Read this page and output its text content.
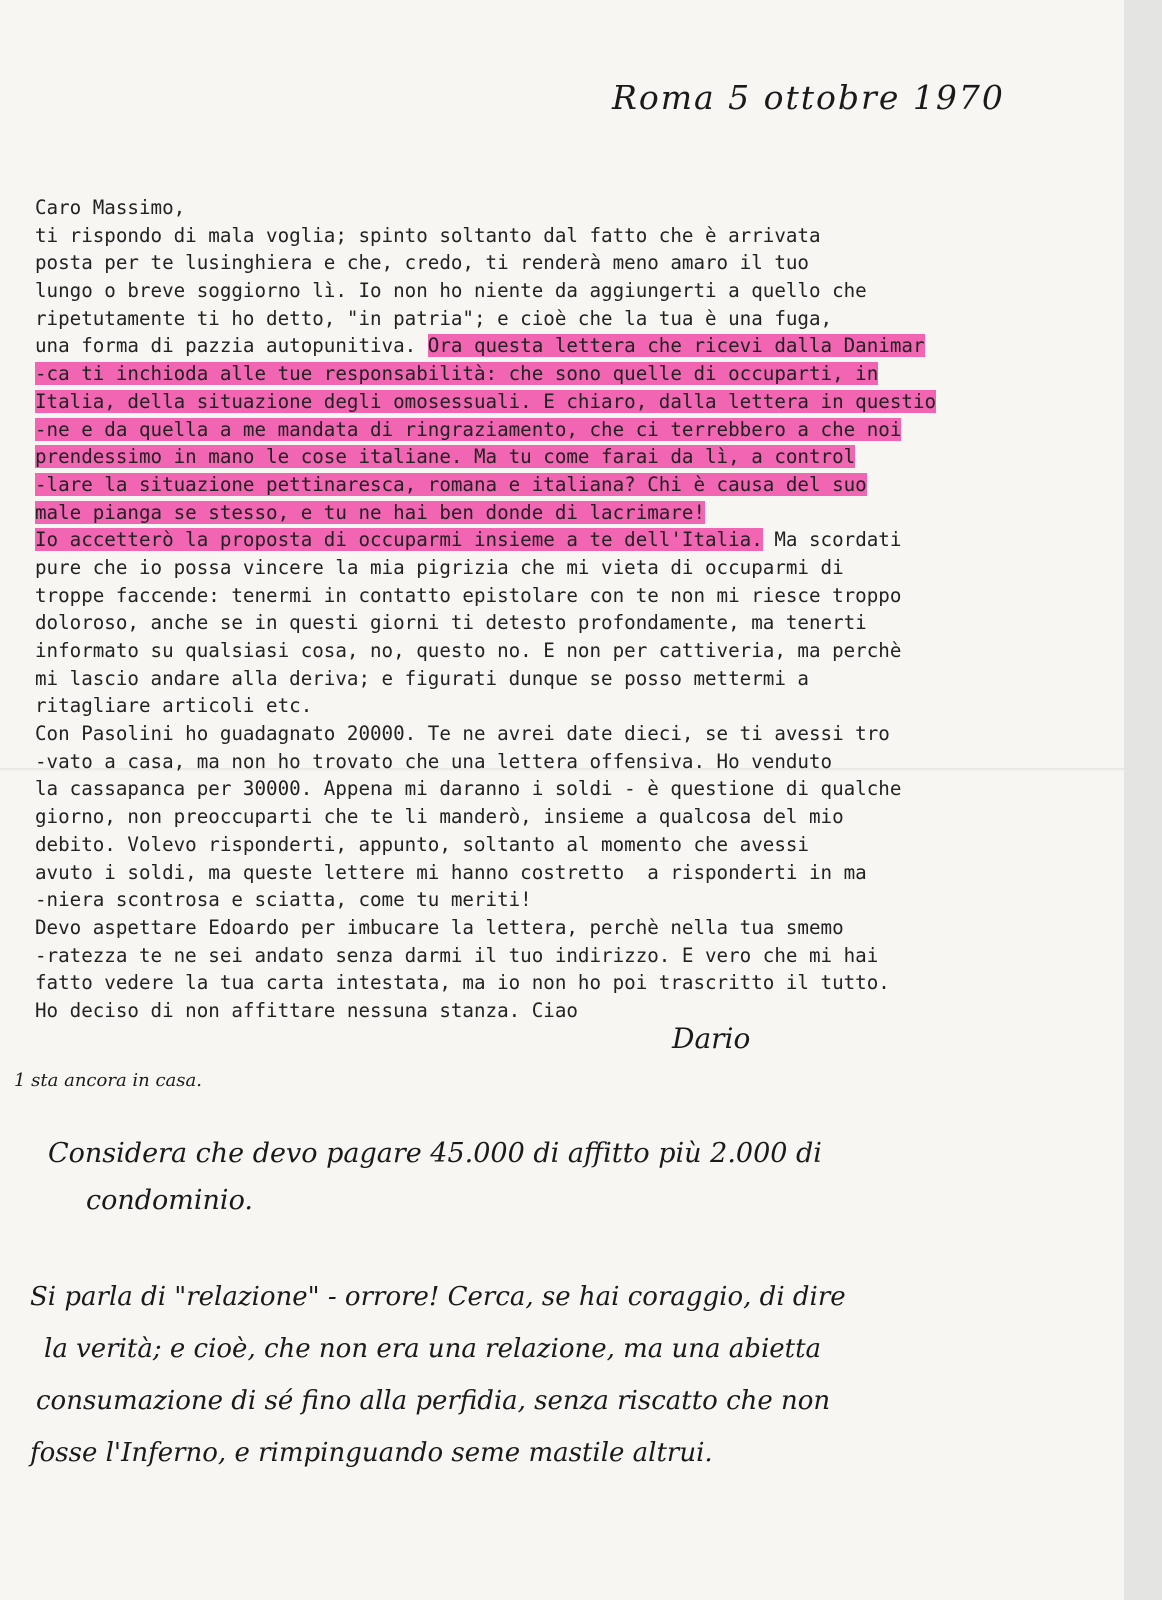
Roma 5 ottobre 1970
Caro Massimo,
ti rispondo di mala voglia; spinto soltanto dal fatto che è arrivata
posta per te lusinghiera e che, credo, ti renderà meno amaro il tuo
lungo o breve soggiorno lì. Io non ho niente da aggiungerti a quello che
ripetutamente ti ho detto, "in patria"; e cioè che la tua è una fuga,
una forma di pazzia autopunitiva. Ora questa lettera che ricevi dalla Danimar
-ca ti inchioda alle tue responsabilità: che sono quelle di occuparti, in
Italia, della situazione degli omosessuali. E chiaro, dalla lettera in questio
-ne e da quella a me mandata di ringraziamento, che ci terrebbero a che noi
prendessimo in mano le cose italiane. Ma tu come farai da lì, a control
-lare la situazione pettinaresca, romana e italiana? Chi è causa del suo
male pianga se stesso, e tu ne hai ben donde di lacrimare!
Io accetterò la proposta di occuparmi insieme a te dell'Italia. Ma scordati
pure che io possa vincere la mia pigrizia che mi vieta di occuparmi di
troppe faccende: tenermi in contatto epistolare con te non mi riesce troppo
doloroso, anche se in questi giorni ti detesto profondamente, ma tenerti
informato su qualsiasi cosa, no, questo no. E non per cattiveria, ma perchè
mi lascio andare alla deriva; e figurati dunque se posso mettermi a
ritagliare articoli etc.
Con Pasolini ho guadagnato 20000. Te ne avrei date dieci, se ti avessi tro
-vato a casa, ma non ho trovato che una lettera offensiva. Ho venduto
la cassapanca per 30000. Appena mi daranno i soldi - è questione di qualche
giorno, non preoccuparti che te li manderò, insieme a qualcosa del mio
debito. Volevo risponderti, appunto, soltanto al momento che avessi
avuto i soldi, ma queste lettere mi hanno costretto  a risponderti in ma
-niera scontrosa e sciatta, come tu meriti!
Devo aspettare Edoardo per imbucare la lettera, perchè nella tua smemo
-ratezza te ne sei andato senza darmi il tuo indirizzo. E vero che mi hai
fatto vedere la tua carta intestata, ma io non ho poi trascritto il tutto.
Ho deciso di non affittare nessuna stanza. Ciao
Dario
1 sta ancora in casa.
Considera che devo pagare 45.000 di affitto più 2.000 di
condominio.
Si parla di "relazione" - orrore! Cerca, se hai coraggio, di dire
la verità; e cioè, che non era una relazione, ma una abietta
consumazione di sé fino alla perfidia, senza riscatto che non
fosse l'Inferno, e rimpinguando seme mastile altrui.
